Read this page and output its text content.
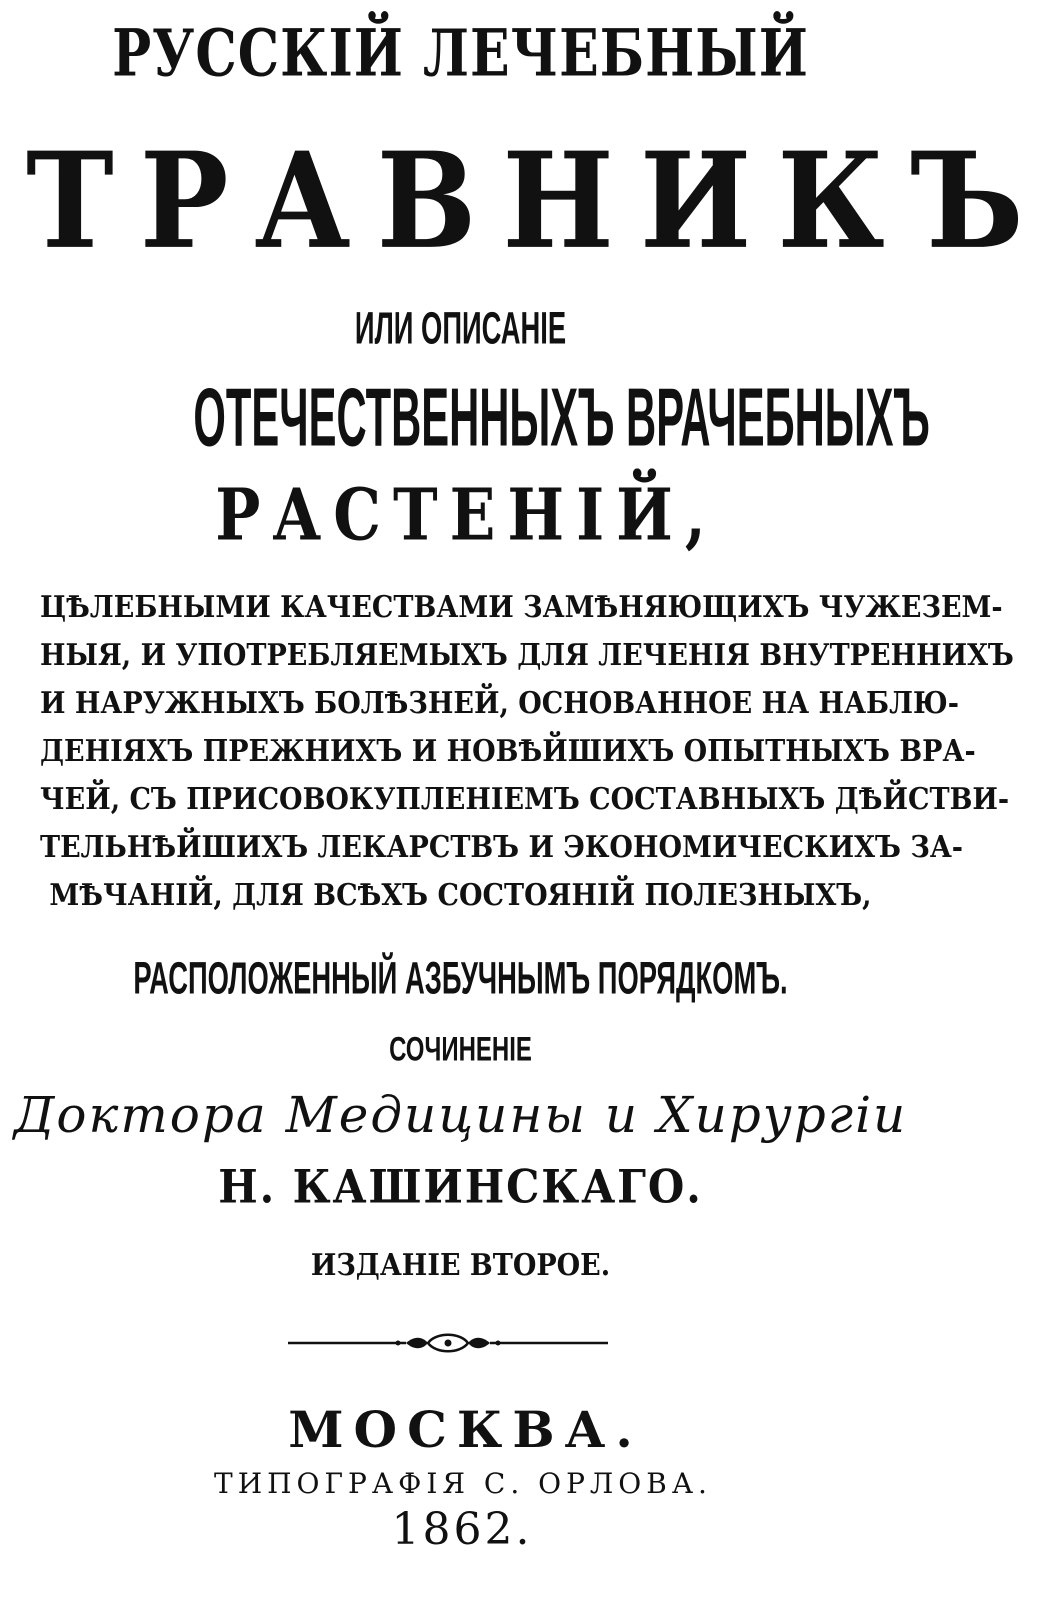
РУССКІЙ ЛЕЧЕБНЫЙ
ТРАВНИКЪ
ИЛИ ОПИСАНІЕ
ОТЕЧЕСТВЕННЫХЪ ВРАЧЕБНЫХЪ
РАСТЕНІЙ,
ЦѢЛЕБНЫМИ КАЧЕСТВАМИ ЗАМѢНЯЮЩИХЪ ЧУЖЕЗЕМ-
НЫЯ, И УПОТРЕБЛЯЕМЫХЪ ДЛЯ ЛЕЧЕНІЯ ВНУТРЕННИХЪ
И НАРУЖНЫХЪ БОЛѢЗНЕЙ, ОСНОВАННОЕ НА НАБЛЮ-
ДЕНІЯХЪ ПРЕЖНИХЪ И НОВѢЙШИХЪ ОПЫТНЫХЪ ВРА-
ЧЕЙ, СЪ ПРИСОВОКУПЛЕНІЕМЪ СОСТАВНЫХЪ ДѢЙСТВИ-
ТЕЛЬНѢЙШИХЪ ЛЕКАРСТВЪ И ЭКОНОМИЧЕСКИХЪ ЗА-
МѢЧАНІЙ, ДЛЯ ВСѢХЪ СОСТОЯНІЙ ПОЛЕЗНЫХЪ,
РАСПОЛОЖЕННЫЙ АЗБУЧНЫМЪ ПОРЯДКОМЪ.
СОЧИНЕНІЕ
Доктора Медицины и Хирургіи
Н. КАШИНСКАГО.
ИЗДАНІЕ ВТОРОЕ.
МОСКВА.
ТИПОГРАФІЯ С. ОРЛОВА.
1862.
